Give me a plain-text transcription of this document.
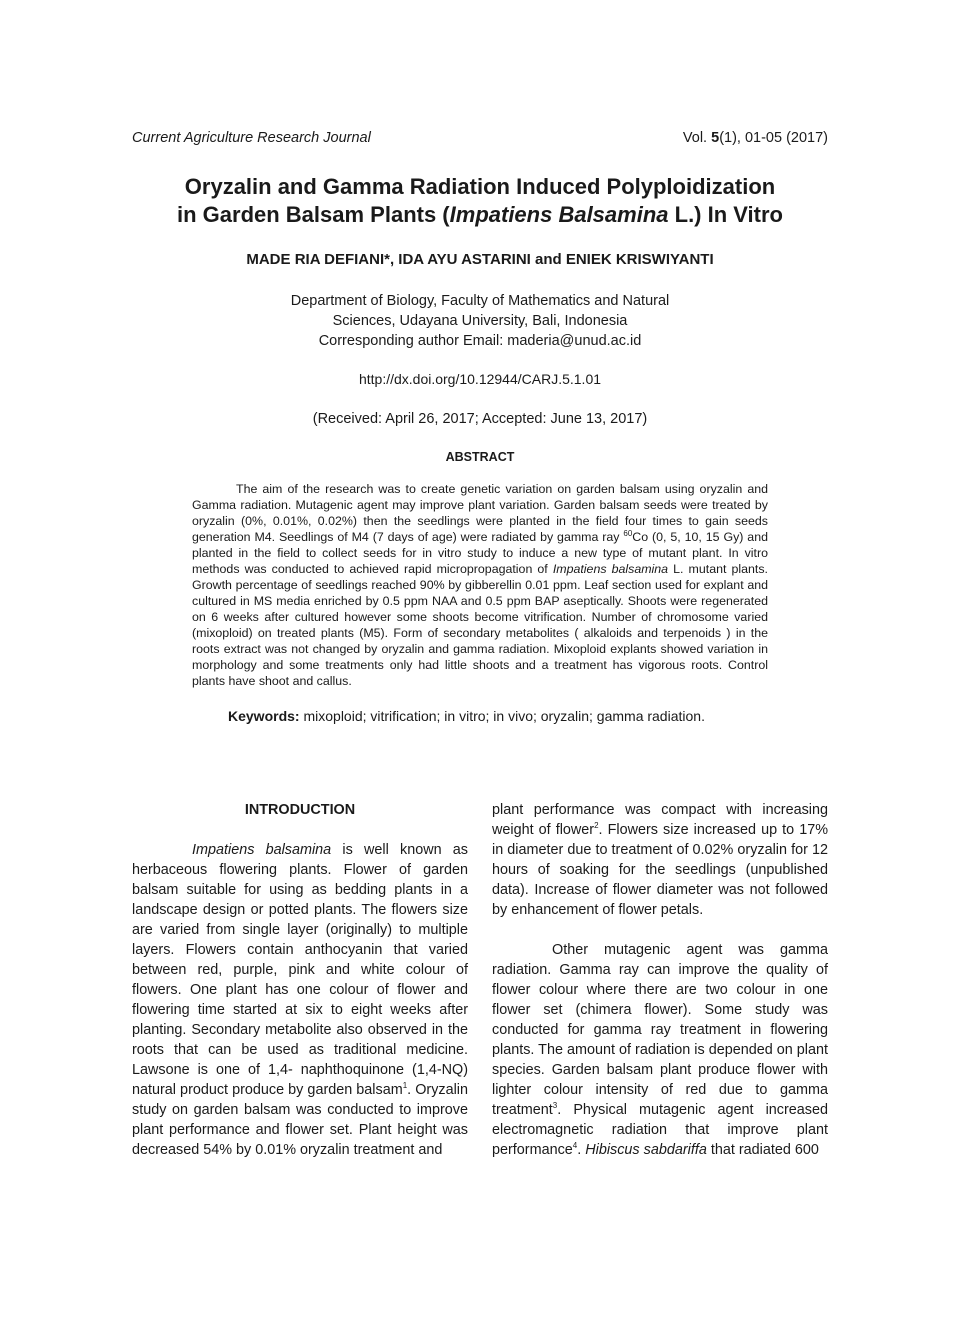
Current Agriculture Research Journal	Vol. 5(1), 01-05 (2017)
Oryzalin and Gamma Radiation Induced Polyploidization
in Garden Balsam Plants (Impatiens Balsamina L.) In Vitro
MADE RIA DEFIANI*, IDA AYU ASTARINI and ENIEK KRISWIYANTI
Department of Biology, Faculty of Mathematics and Natural
Sciences, Udayana University, Bali, Indonesia
Corresponding author Email: maderia@unud.ac.id
http://dx.doi.org/10.12944/CARJ.5.1.01
(Received: April 26, 2017; Accepted: June 13, 2017)
ABSTRACT
The aim of the research was to create genetic variation on garden balsam using oryzalin and Gamma radiation. Mutagenic agent may improve plant variation. Garden balsam seeds were treated by oryzalin (0%, 0.01%, 0.02%) then the seedlings were planted in the field four times to gain seeds generation M4. Seedlings of M4 (7 days of age) were radiated by gamma ray $^{60}$Co (0, 5, 10, 15 Gy) and planted in the field to collect seeds for in vitro study to induce a new type of mutant plant. In vitro methods was conducted to achieved rapid micropropagation of Impatiens balsamina L. mutant plants. Growth percentage of seedlings reached 90% by gibberellin 0.01 ppm. Leaf section used for explant and cultured in MS media enriched by 0.5 ppm NAA and 0.5 ppm BAP aseptically. Shoots were regenerated on 6 weeks after cultured however some shoots become vitrification. Number of chromosome varied (mixoploid) on treated plants (M5). Form of secondary metabolites ( alkaloids and terpenoids ) in the roots extract was not changed by oryzalin and gamma radiation. Mixoploid explants showed variation in morphology and some treatments only had little shoots and a treatment has vigorous roots. Control plants have shoot and callus.
Keywords: mixoploid; vitrification; in vitro; in vivo; oryzalin; gamma radiation.
INTRODUCTION

Impatiens balsamina is well known as herbaceous flowering plants. Flower of garden balsam suitable for using as bedding plants in a landscape design or potted plants. The flowers size are varied from single layer (originally) to multiple layers. Flowers contain anthocyanin that varied between red, purple, pink and white colour of flowers. One plant has one colour of flower and flowering time started at six to eight weeks after planting. Secondary metabolite also observed in the roots that can be used as traditional medicine. Lawsone is one of 1,4- naphthoquinone (1,4-NQ) natural product produce by garden balsam$^1$. Oryzalin study on garden balsam was conducted to improve plant performance and flower set. Plant height was decreased 54% by 0.01% oryzalin treatment and

plant performance was compact with increasing weight of flower$^2$. Flowers size increased up to 17% in diameter due to treatment of 0.02% oryzalin for 12 hours of soaking for the seedlings (unpublished data). Increase of flower diameter was not followed by enhancement of flower petals.

Other mutagenic agent was gamma radiation. Gamma ray can improve the quality of flower colour where there are two colour in one flower set (chimera flower). Some study was conducted for gamma ray treatment in flowering plants. The amount of radiation is depended on plant species. Garden balsam plant produce flower with lighter colour intensity of red due to gamma treatment$^3$. Physical mutagenic agent increased electromagnetic radiation that improve plant performance$^4$. Hibiscus sabdariffa that radiated 600
